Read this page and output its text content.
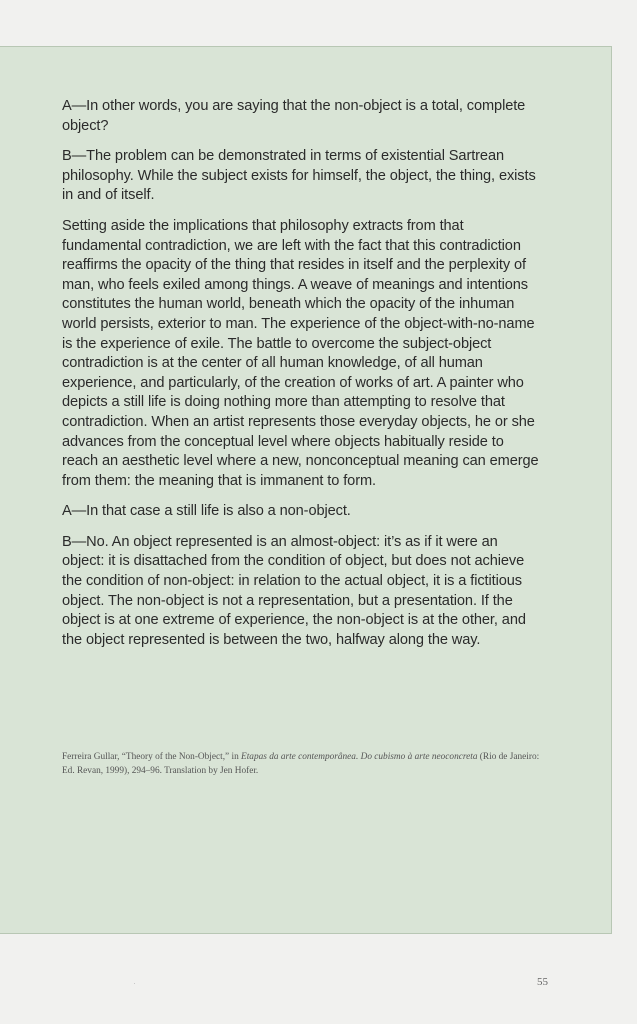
A—In other words, you are saying that the non-object is a total, complete object?

B—The problem can be demonstrated in terms of existential Sartrean philosophy. While the subject exists for himself, the object, the thing, exists in and of itself.

Setting aside the implications that philosophy extracts from that fundamental contradiction, we are left with the fact that this contradiction reaffirms the opacity of the thing that resides in itself and the perplexity of man, who feels exiled among things. A weave of meanings and intentions constitutes the human world, beneath which the opacity of the inhuman world persists, exterior to man. The experience of the object-with-no-name is the experience of exile. The battle to overcome the subject-object contradiction is at the center of all human knowledge, of all human experience, and particularly, of the creation of works of art. A painter who depicts a still life is doing nothing more than attempting to resolve that contradiction. When an artist represents those everyday objects, he or she advances from the conceptual level where objects habitually reside to reach an aesthetic level where a new, nonconceptual meaning can emerge from them: the meaning that is immanent to form.

A—In that case a still life is also a non-object.

B—No. An object represented is an almost-object: it’s as if it were an object: it is disattached from the condition of object, but does not achieve the condition of non-object: in relation to the actual object, it is a fictitious object. The non-object is not a representation, but a presentation. If the object is at one extreme of experience, the non-object is at the other, and the object represented is between the two, halfway along the way.

Ferreira Gullar, “Theory of the Non-Object,” in Etapas da arte contemporânea. Do cubismo à arte neoconcreta (Rio de Janeiro: Ed. Revan, 1999), 294–96. Translation by Jen Hofer.
55
